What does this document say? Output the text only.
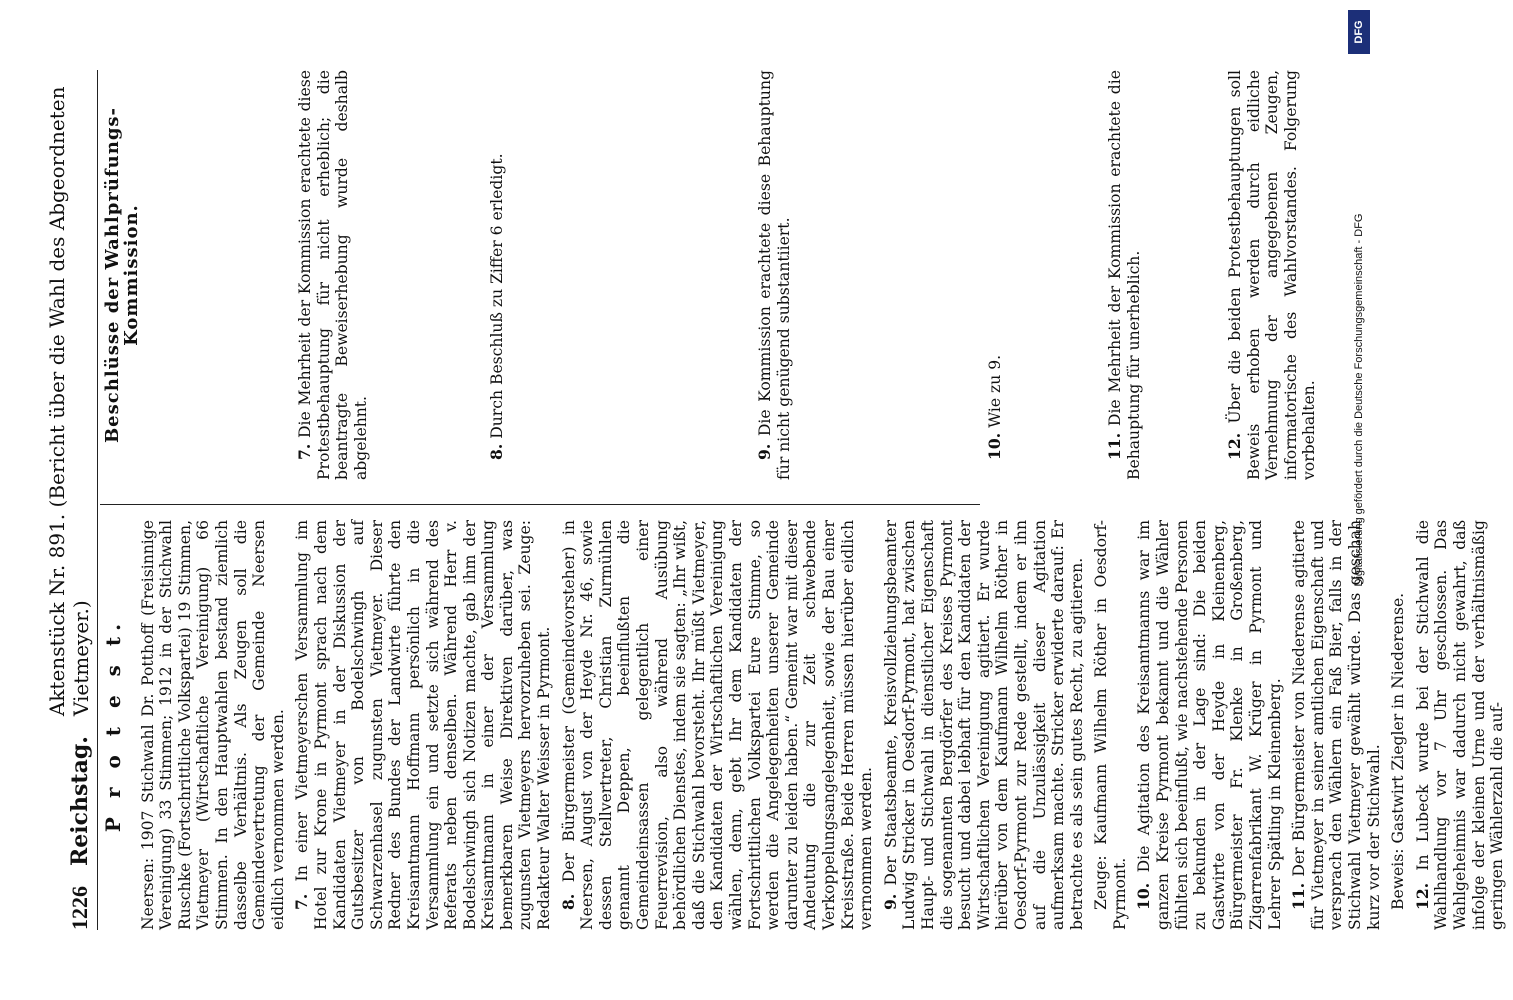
1226
Reichstag.
Aktenstück Nr. 891. (Bericht über die Wahl des Abgeordneten Vietmeyer.) P r o t e s t. Neersen: 1907 Stichwahl Dr. Potthoff (Freisinnige Vereinigung) 33 Stimmen; 1912 in der Stichwahl Ruschke (Fortschrittliche Volkspartei) 19 Stimmen, Vietmeyer (Wirtschaftliche Vereinigung) 66 Stimmen. In den Hauptwahlen bestand ziemlich dasselbe Verhältnis. Als Zeugen soll die Gemeindevertretung der Gemeinde Neersen eidlich vernommen werden. 7. In einer Vietmeyerschen Versammlung im Hotel zur Krone in Pyrmont sprach nach dem Kandidaten Vietmeyer in der Diskussion der Gutsbesitzer von Bodelschwingh auf Schwarzenhasel zugunsten Vietmeyer. Dieser Redner des Bundes der Landwirte führte den Kreisamtmann Hoffmann persönlich in die Versammlung ein und setzte sich während des Referats neben denselben. Während Herr v. Bodelschwingh sich Notizen machte, gab ihm der Kreisamtmann in einer der Versammlung bemerkbaren Weise Direktiven darüber, was zugunsten Vietmeyers hervorzuheben sei. Zeuge: Redakteur Walter Weisser in Pyrmont. 8. Der Bürgermeister (Gemeindevorsteher) in Neersen, August von der Heyde Nr. 46, sowie dessen Stellvertreter, Christian Zurmühlen genannt Deppen, beeinflußten die Gemeindeinsassen gelegentlich einer Feuerrevision, also während Ausübung behördlichen Dienstes, indem sie sagten: „Ihr wißt, daß die Stichwahl bevorsteht. Ihr müßt Vietmeyer, den Kandidaten der Wirtschaftlichen Vereinigung wählen, denn, gebt Ihr dem Kandidaten der Fortschrittlichen Volkspartei Eure Stimme, so werden die Angelegenheiten unserer Gemeinde darunter zu leiden haben.“ Gemeint war mit dieser Andeutung die zur Zeit schwebende Verkoppelungsangelegenheit, sowie der Bau einer Kreisstraße. Beide Herren müssen hierüber eidlich vernommen werden. 9. Der Staatsbeamte, Kreisvollziehungsbeamter Ludwig Stricker in Oesdorf-Pyrmont, hat zwischen Haupt- und Stichwahl in dienstlicher Eigenschaft die sogenannten Bergdörfer des Kreises Pyrmont besucht und dabei lebhaft für den Kandidaten der Wirtschaftlichen Vereinigung agitiert. Er wurde hierüber von dem Kaufmann Wilhelm Röther in Oesdorf-Pyrmont zur Rede gestellt, indem er ihn auf die Unzulässigkeit dieser Agitation aufmerksam machte. Stricker erwiderte darauf: Er betrachte es als sein gutes Recht, zu agitieren. Zeuge: Kaufmann Wilhelm Röther in Oesdorf-Pyrmont. 10. Die Agitation des Kreisamtmanns war im ganzen Kreise Pyrmont bekannt und die Wähler fühlten sich beeinflußt, wie nachstehende Personen zu bekunden in der Lage sind: Die beiden Gastwirte von der Heyde in Kleinenberg, Bürgermeister Fr. Klenke in Großenberg, Zigarrenfabrikant W. Krüger in Pyrmont und Lehrer Spätling in Kleinenberg. 11. Der Bürgermeister von Niederense agitierte für Vietmeyer in seiner amtlichen Eigenschaft und versprach den Wählern ein Faß Bier, falls in der Stichwahl Vietmeyer gewählt würde. Das geschah kurz vor der Stichwahl. Beweis: Gastwirt Ziegler in Niederense. 12. In Lubeck wurde bei der Stichwahl die Wahlhandlung vor 7 Uhr geschlossen. Das Wahlgeheimnis war dadurch nicht gewahrt, daß infolge der kleinen Urne und der verhältnismäßig geringen Wählerzahl die auf-
Beschlüsse der Wahlprüfungs-Kommission.
7. Die Mehrheit der Kommission erachtete diese Protestbehauptung für nicht erheblich; die beantragte Beweiserhebung wurde deshalb abgelehnt.	8. Durch Beschluß zu Ziffer 6 erledigt.
9. Die Kommission erachtete diese Behauptung für nicht genügend substantiiert.	10. Wie zu 9.
11. Die Mehrheit der Kommission erachtete die Behauptung für unerheblich.	12. Über die beiden Protestbehauptungen soll Beweis erhoben werden durch eidliche Vernehmung der angegebenen Zeugen, informatorische des Wahlvorstandes. Folgerung vorbehalten.
DFG
Digitalisierung gefördert durch die Deutsche Forschungsgemeinschaft - DFG
